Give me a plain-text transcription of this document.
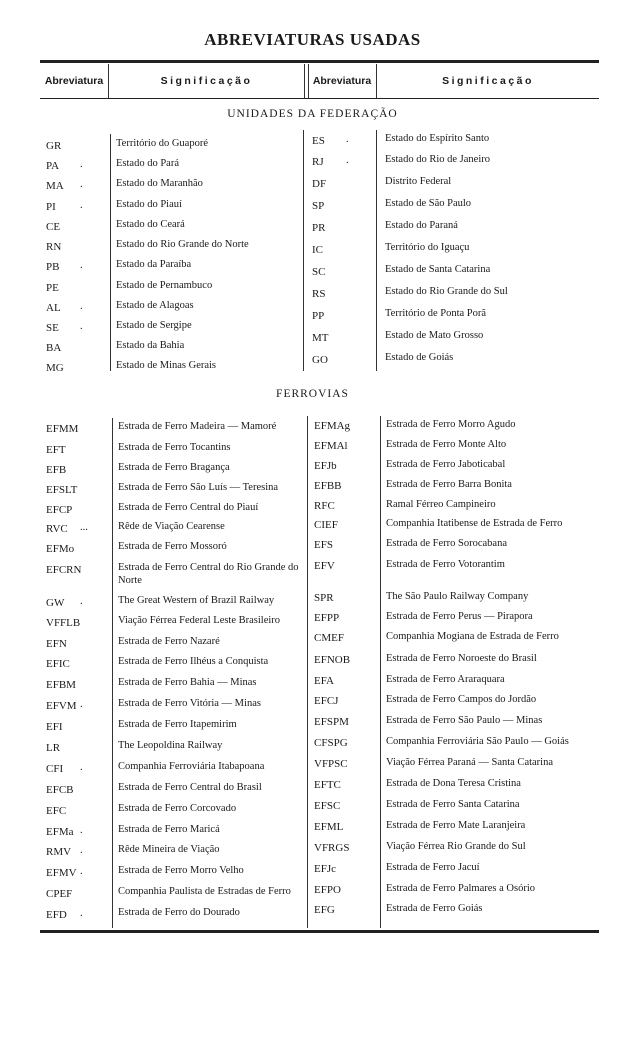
ABREVIATURAS USADAS
Abreviatura	Significação	Abreviatura	Significação
UNIDADES DA FEDERAÇÃO
FERROVIAS
GR	Território do Guaporé
PA .	Estado do Pará
MA .	Estado do Maranhão
PI .	Estado do Piauí
CE	Estado do Ceará
RN	Estado do Rio Grande do Norte
PB .	Estado da Paraíba
PE	Estado de Pernambuco
AL .	Estado de Alagoas
SE .	Estado de Sergipe
BA	Estado da Bahia
MG	Estado de Minas Gerais
ES .	Estado do Espírito Santo
RJ .	Estado do Rio de Janeiro
DF	Distrito Federal
SP	Estado de São Paulo
PR	Estado do Paraná
IC	Território do Iguaçu
SC	Estado de Santa Catarina
RS	Estado do Rio Grande do Sul
PP	Território de Ponta Porã
MT	Estado de Mato Grosso
GO	Estado de Goiás
EFMM	Estrada de Ferro Madeira — Mamoré
EFT	Estrada de Ferro Tocantins
EFB	Estrada de Ferro Bragança
EFSLT	Estrada de Ferro São Luís — Teresina
EFCP	Estrada de Ferro Central do Piauí
RVC ...	Rêde de Viação Cearense
EFMo	Estrada de Ferro Mossoró
EFCRN	Estrada de Ferro Central do Rio Grande do Norte
GW .	The Great Western of Brazil Railway
VFFLB	Viação Férrea Federal Leste Brasileiro
EFN	Estrada de Ferro Nazaré
EFIC	Estrada de Ferro Ilhéus a Conquista
EFBM	Estrada de Ferro Bahia — Minas
EFVM .	Estrada de Ferro Vitória — Minas
EFI	Estrada de Ferro Itapemirim
LR	The Leopoldina Railway
CFI .	Companhia Ferroviária Itabapoana
EFCB	Estrada de Ferro Central do Brasil
EFC	Estrada de Ferro Corcovado
EFMa .	Estrada de Ferro Maricá
RMV .	Rêde Mineira de Viação
EFMV .	Estrada de Ferro Morro Velho
CPEF	Companhia Paulista de Estradas de Ferro
EFD .	Estrada de Ferro do Dourado
EFMAg	Estrada de Ferro Morro Agudo
EFMAl	Estrada de Ferro Monte Alto
EFJb	Estrada de Ferro Jaboticabal
EFBB	Estrada de Ferro Barra Bonita
RFC	Ramal Férreo Campineiro
CIEF	Companhia Itatibense de Estrada de Ferro
EFS	Estrada de Ferro Sorocabana
EFV	Estrada de Ferro Votorantim
SPR	The São Paulo Railway Company
EFPP	Estrada de Ferro Perus — Pirapora
CMEF	Companhia Mogiana de Estrada de Ferro
EFNOB	Estrada de Ferro Noroeste do Brasil
EFA	Estrada de Ferro Araraquara
EFCJ	Estrada de Ferro Campos do Jordão
EFSPM	Estrada de Ferro São Paulo — Minas
CFSPG	Companhia Ferroviária São Paulo — Goiás
VFPSC	Viação Férrea Paraná — Santa Catarina
EFTC	Estrada de Dona Teresa Cristina
EFSC	Estrada de Ferro Santa Catarina
EFML	Estrada de Ferro Mate Laranjeira
VFRGS	Viação Férrea Rio Grande do Sul
EFJc	Estrada de Ferro Jacuí
EFPO	Estrada de Ferro Palmares a Osório
EFG	Estrada de Ferro Goiás
